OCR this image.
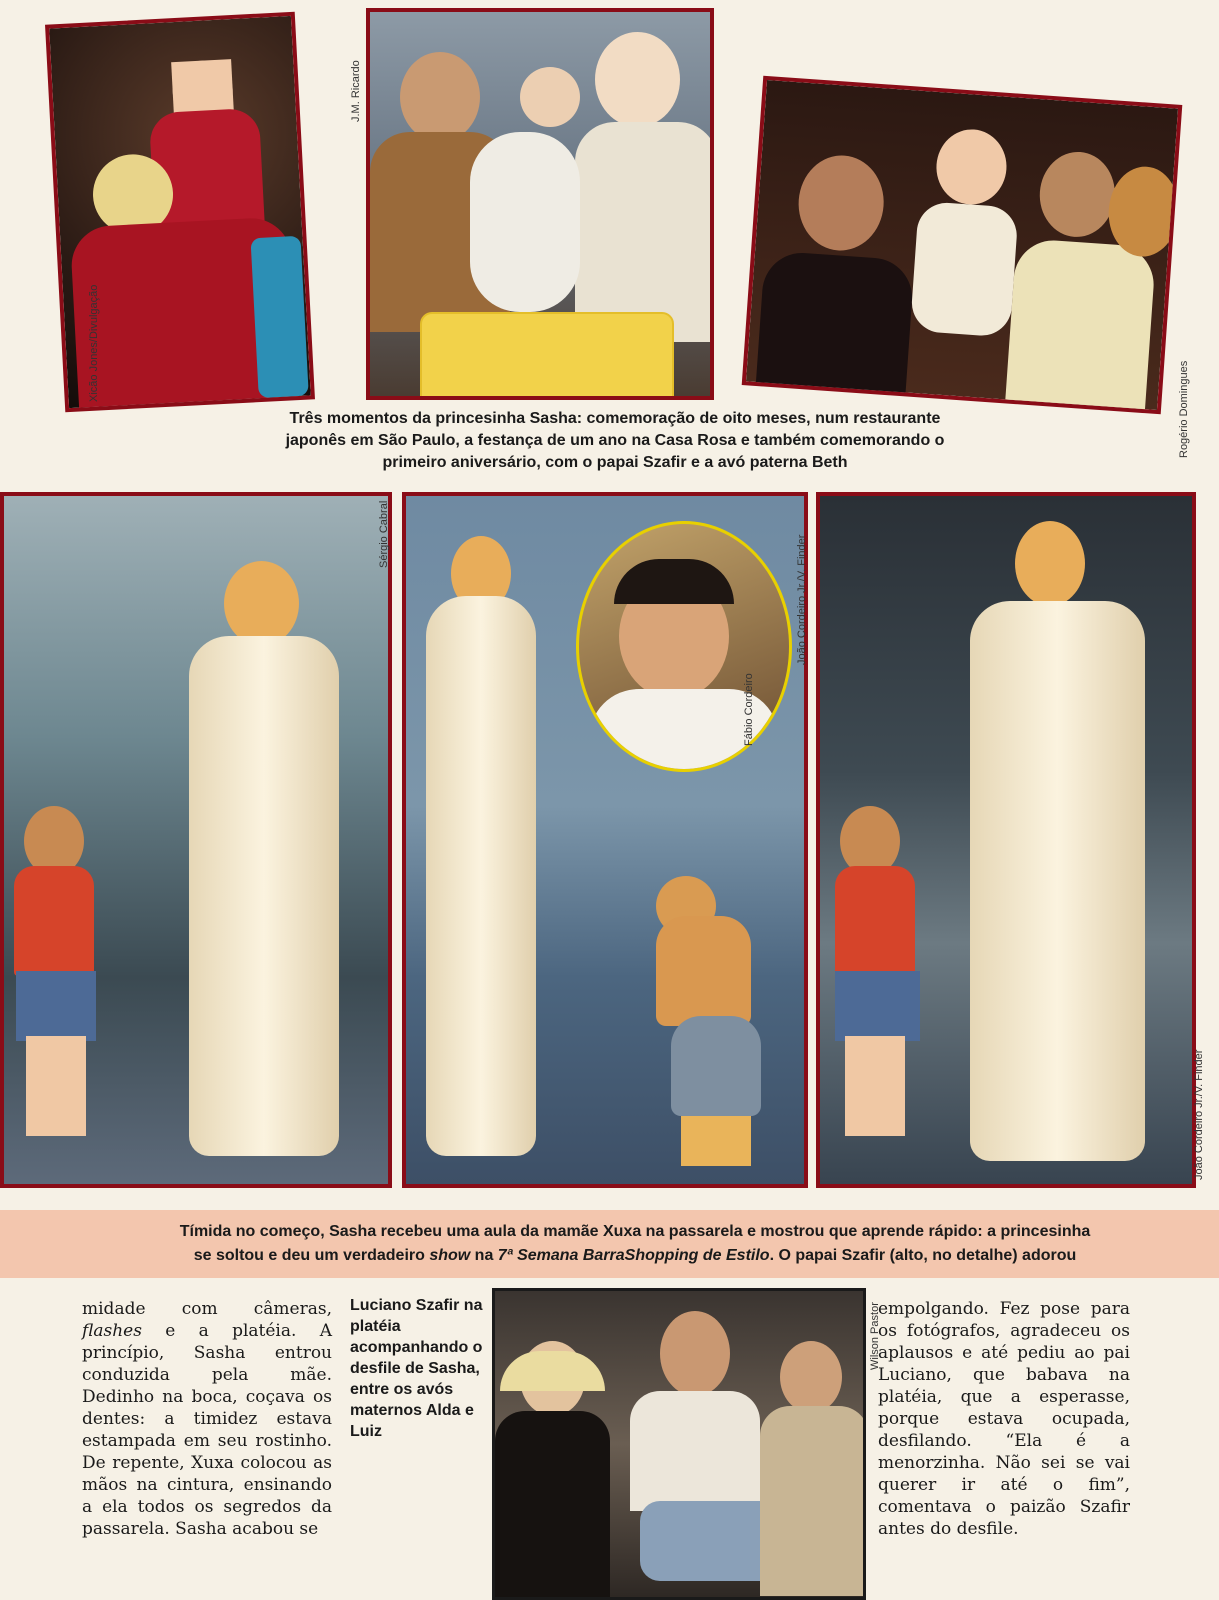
J.M. Ricardo
Xicão Jones/Divulgação
Rogério Domingues
Três momentos da princesinha Sasha: comemoração de oito meses, num restaurante
japonês em São Paulo, a festança de um ano na Casa Rosa e também comemorando o
primeiro aniversário, com o papai Szafir e a avó paterna Beth
Sérgio Cabral
Fábio Cordeiro
João Cordeiro Jr./V. Finder
João Cordeiro Jr./V. Finder
Tímida no começo, Sasha recebeu uma aula da mamãe Xuxa na passarela e mostrou que aprende rápido: a princesinha
se soltou e deu um verdadeiro show na 7ª Semana BarraShopping de Estilo. O papai Szafir (alto, no detalhe) adorou

midade com câmeras, flashes e a platéia. A princípio, Sasha entrou conduzida pela mãe. Dedinho na boca, coçava os dentes: a timidez estava estampada em seu rostinho. De repente, Xuxa colocou as mãos na cintura, ensinando a ela todos os segredos da passarela. Sasha acabou se

Luciano Szafir na platéia acompanhando o desfile de Sasha, entre os avós maternos Alda e Luiz
Wilson Pastor

empolgando. Fez pose para os fotógrafos, agradeceu os aplausos e até pediu ao pai Luciano, que babava na platéia, que a esperasse, porque estava ocupada, desfilando. “Ela é a menorzinha. Não sei se vai querer ir até o fim”, comentava o paizão Szafir antes do desfile.
